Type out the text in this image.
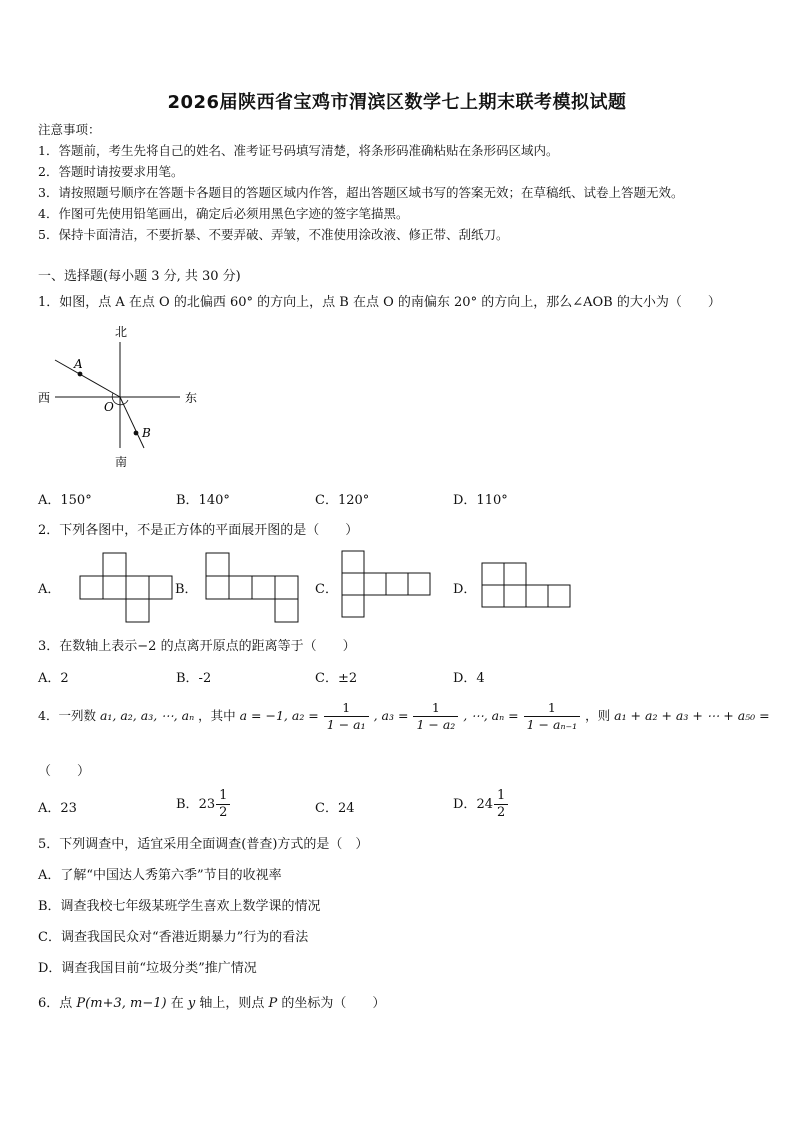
2026届陕西省宝鸡市渭滨区数学七上期末联考模拟试题
注意事项：
1．答题前，考生先将自己的姓名、准考证号码填写清楚，将条形码准确粘贴在条形码区域内。
2．答题时请按要求用笔。
3．请按照题号顺序在答题卡各题目的答题区域内作答，超出答题区域书写的答案无效；在草稿纸、试卷上答题无效。
4．作图可先使用铅笔画出，确定后必须用黑色字迹的签字笔描黑。
5．保持卡面清洁，不要折暴、不要弄破、弄皱，不准使用涂改液、修正带、刮纸刀。
一、选择题(每小题 3 分, 共 30 分)
1．如图，点 A 在点 O 的北偏西 60° 的方向上，点 B 在点 O 的南偏东 20° 的方向上，那么∠AOB 的大小为（　　）
北
南
西	东
A
O
B
A．150°	B．140°	C．120°	D．110°
2．下列各图中，不是正方体的平面展开图的是（　　）
A．	B．	C．	D．
3．在数轴上表示−2 的点离开原点的距离等于（　　）
A．2	B．-2	C．±2	D．4
4．一列数 a₁, a₂, a₃, ⋯, aₙ ，其中 a = −1, $a_2 = \frac{1}{\text{1 − a₁}}$ , $a_3 = \frac{1}{\text{1 − a₂}}$ , ⋯, $a_n = \frac{1}{\text{1 − aₙ₋₁}}$ ，则 a₁ + a₂ + a₃ + ⋯ + a₅₀ =
（　　）
A．23	B．$23 \frac{1}{2}$	C．24	D．$24 \frac{1}{2}$
5．下列调查中，适宜采用全面调查(普查)方式的是（　）
A．了解“中国达人秀第六季”节目的收视率
B．调查我校七年级某班学生喜欢上数学课的情况
C．调查我国民众对“香港近期暴力”行为的看法
D．调查我国目前“垃圾分类”推广情况
6．点 P(m+3, m−1) 在 y 轴上，则点 P 的坐标为（　　）
